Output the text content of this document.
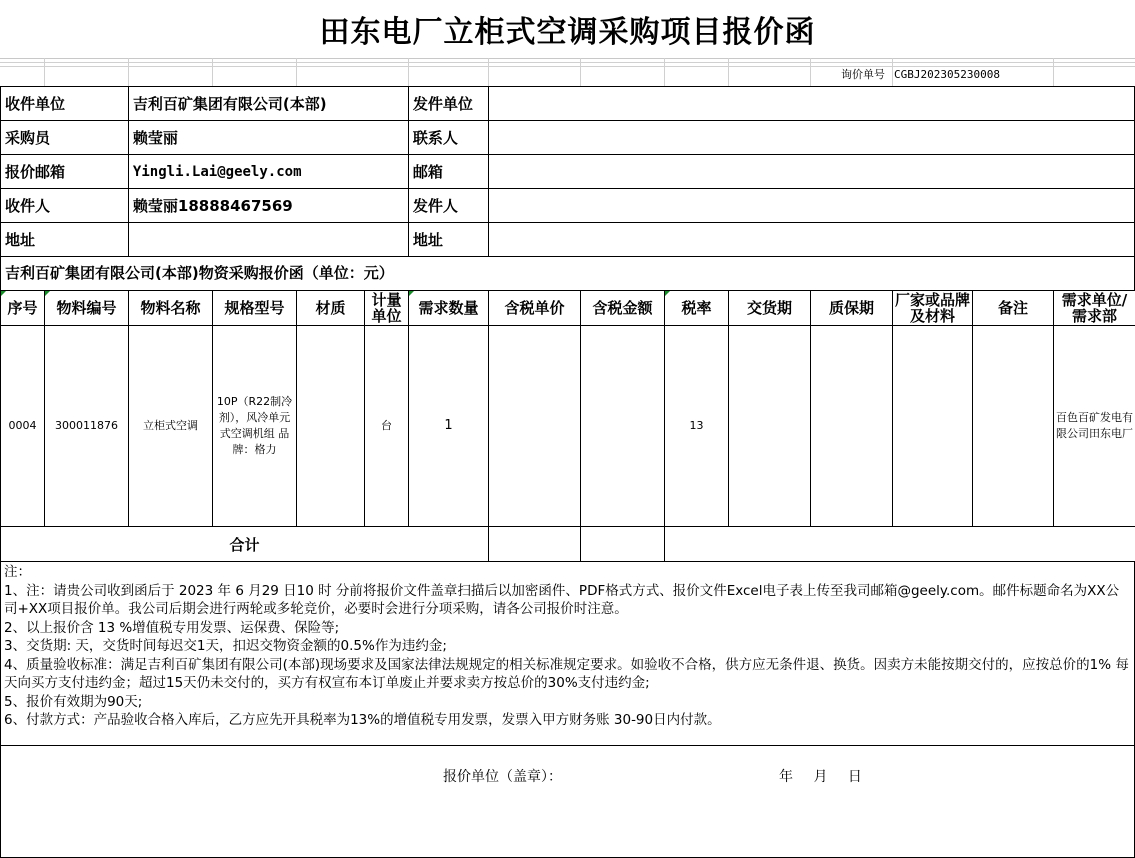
田东电厂立柜式空调采购项目报价函
询价单号 CGBJ202305230008
收件单位	吉利百矿集团有限公司(本部)	发件单位	
采购员	赖莹丽	联系人	
报价邮箱	Yingli.Lai@geely.com	邮箱	
收件人	赖莹丽18888467569	发件人	
地址		地址	
吉利百矿集团有限公司(本部)物资采购报价函（单位：元）
序号	物料编号	物料名称	规格型号	材质	计量单位	需求数量	含税单价	含税金额	税率	交货期	质保期	厂家或品牌及材料	备注	需求单位/需求部
0004	300011876	立柜式空调	10P（R22制冷剂），风冷单元式空调机组 品牌：格力		台	1			13					百色百矿发电有限公司田东电厂
合计														

注：

1、注：请贵公司收到函后于 2023 年 6 月29 日10 时 分前将报价文件盖章扫描后以加密函件、PDF格式方式、报价文件Excel电子表上传至我司邮箱@geely.com。邮件标题命名为XX公司+XX项目报价单。我公司后期会进行两轮或多轮竞价，必要时会进行分项采购，请各公司报价时注意。

2、以上报价含 13 %增值税专用发票、运保费、保险等;

3、交货期: 天，交货时间每迟交1天，扣迟交物资金额的0.5%作为违约金;

4、质量验收标准：满足吉利百矿集团有限公司(本部)现场要求及国家法律法规规定的相关标准规定要求。如验收不合格，供方应无条件退、换货。因卖方未能按期交付的，应按总价的1% 每天向买方支付违约金；超过15天仍未交付的，买方有权宣布本订单废止并要求卖方按总价的30%支付违约金;

5、报价有效期为90天;

6、付款方式：产品验收合格入库后，乙方应先开具税率为13%的增值税专用发票，发票入甲方财务账 30-90日内付款。

报价单位（盖章）：	年 月 日
